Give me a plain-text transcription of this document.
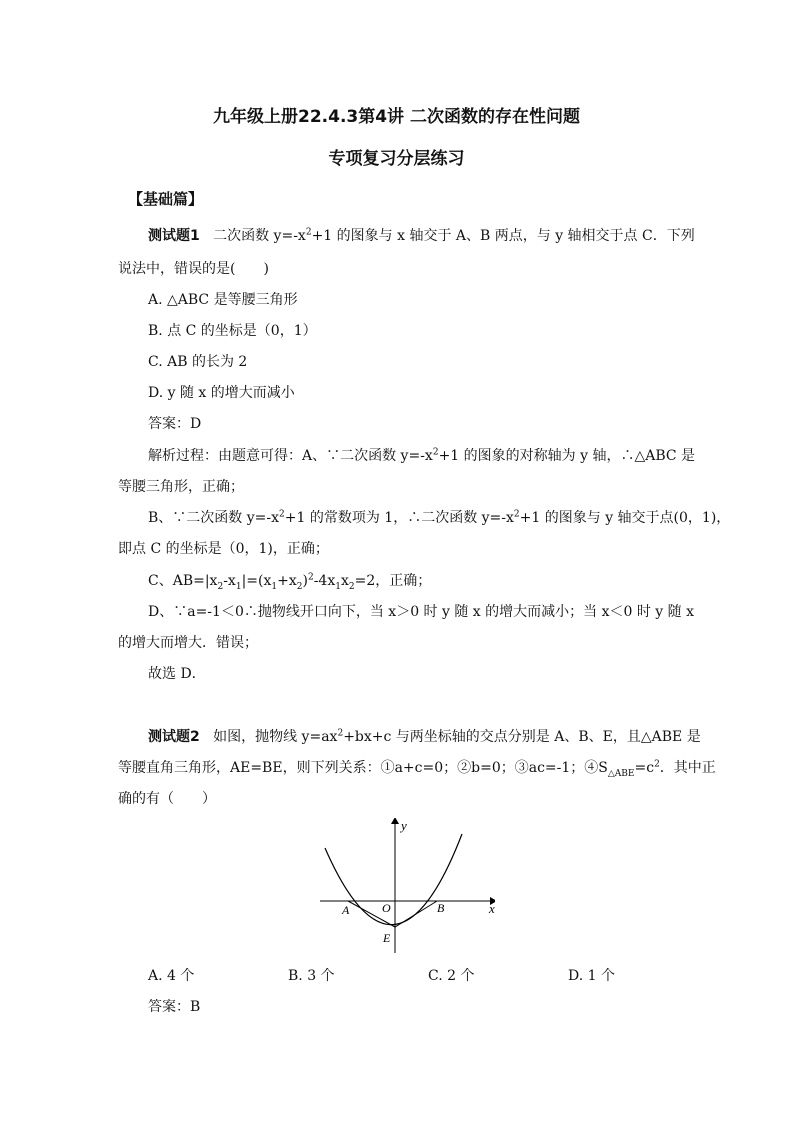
九年级上册22.4.3第4讲 二次函数的存在性问题
专项复习分层练习
【基础篇】
测试题1 二次函数 $y=-x^2+1$ 的图象与 x 轴交于 A、B 两点，与 y 轴相交于点 C．下列
说法中，错误的是(　　)
A. △ABC 是等腰三角形
B. 点 C 的坐标是（0，1）
C. AB 的长为 2
D. y 随 x 的增大而减小
答案：D
解析过程：由题意可得：A、∵二次函数 $y=-x^2+1$ 的图象的对称轴为 y 轴，∴△ABC 是
等腰三角形，正确；
B、∵二次函数 $y=-x^2+1$ 的常数项为 1，∴二次函数 $y=-x^2+1$ 的图象与 y 轴交于点(0，1)，
即点 C 的坐标是（0，1)，正确；
C、$AB=|x_2-x_1|=(x_1+x_2)^2-4x_1x_2=2$，正确；
D、∵a=-1＜0∴抛物线开口向下，当 x＞0 时 y 随 x 的增大而减小；当 x＜0 时 y 随 x
的增大而增大．错误；
故选 D．
测试题2 如图，抛物线 $y=ax^2+bx+c$ 与两坐标轴的交点分别是 A、B、E，且△ABE 是
等腰直角三角形，AE=BE，则下列关系：①a+c=0；②b=0；③ac=-1；$④S_{\triangle ABE}=c^2$．其中正
确的有（　　）
y
x
A	O	B
E
A. 4 个	B. 3 个	C. 2 个	D. 1 个
答案：B
